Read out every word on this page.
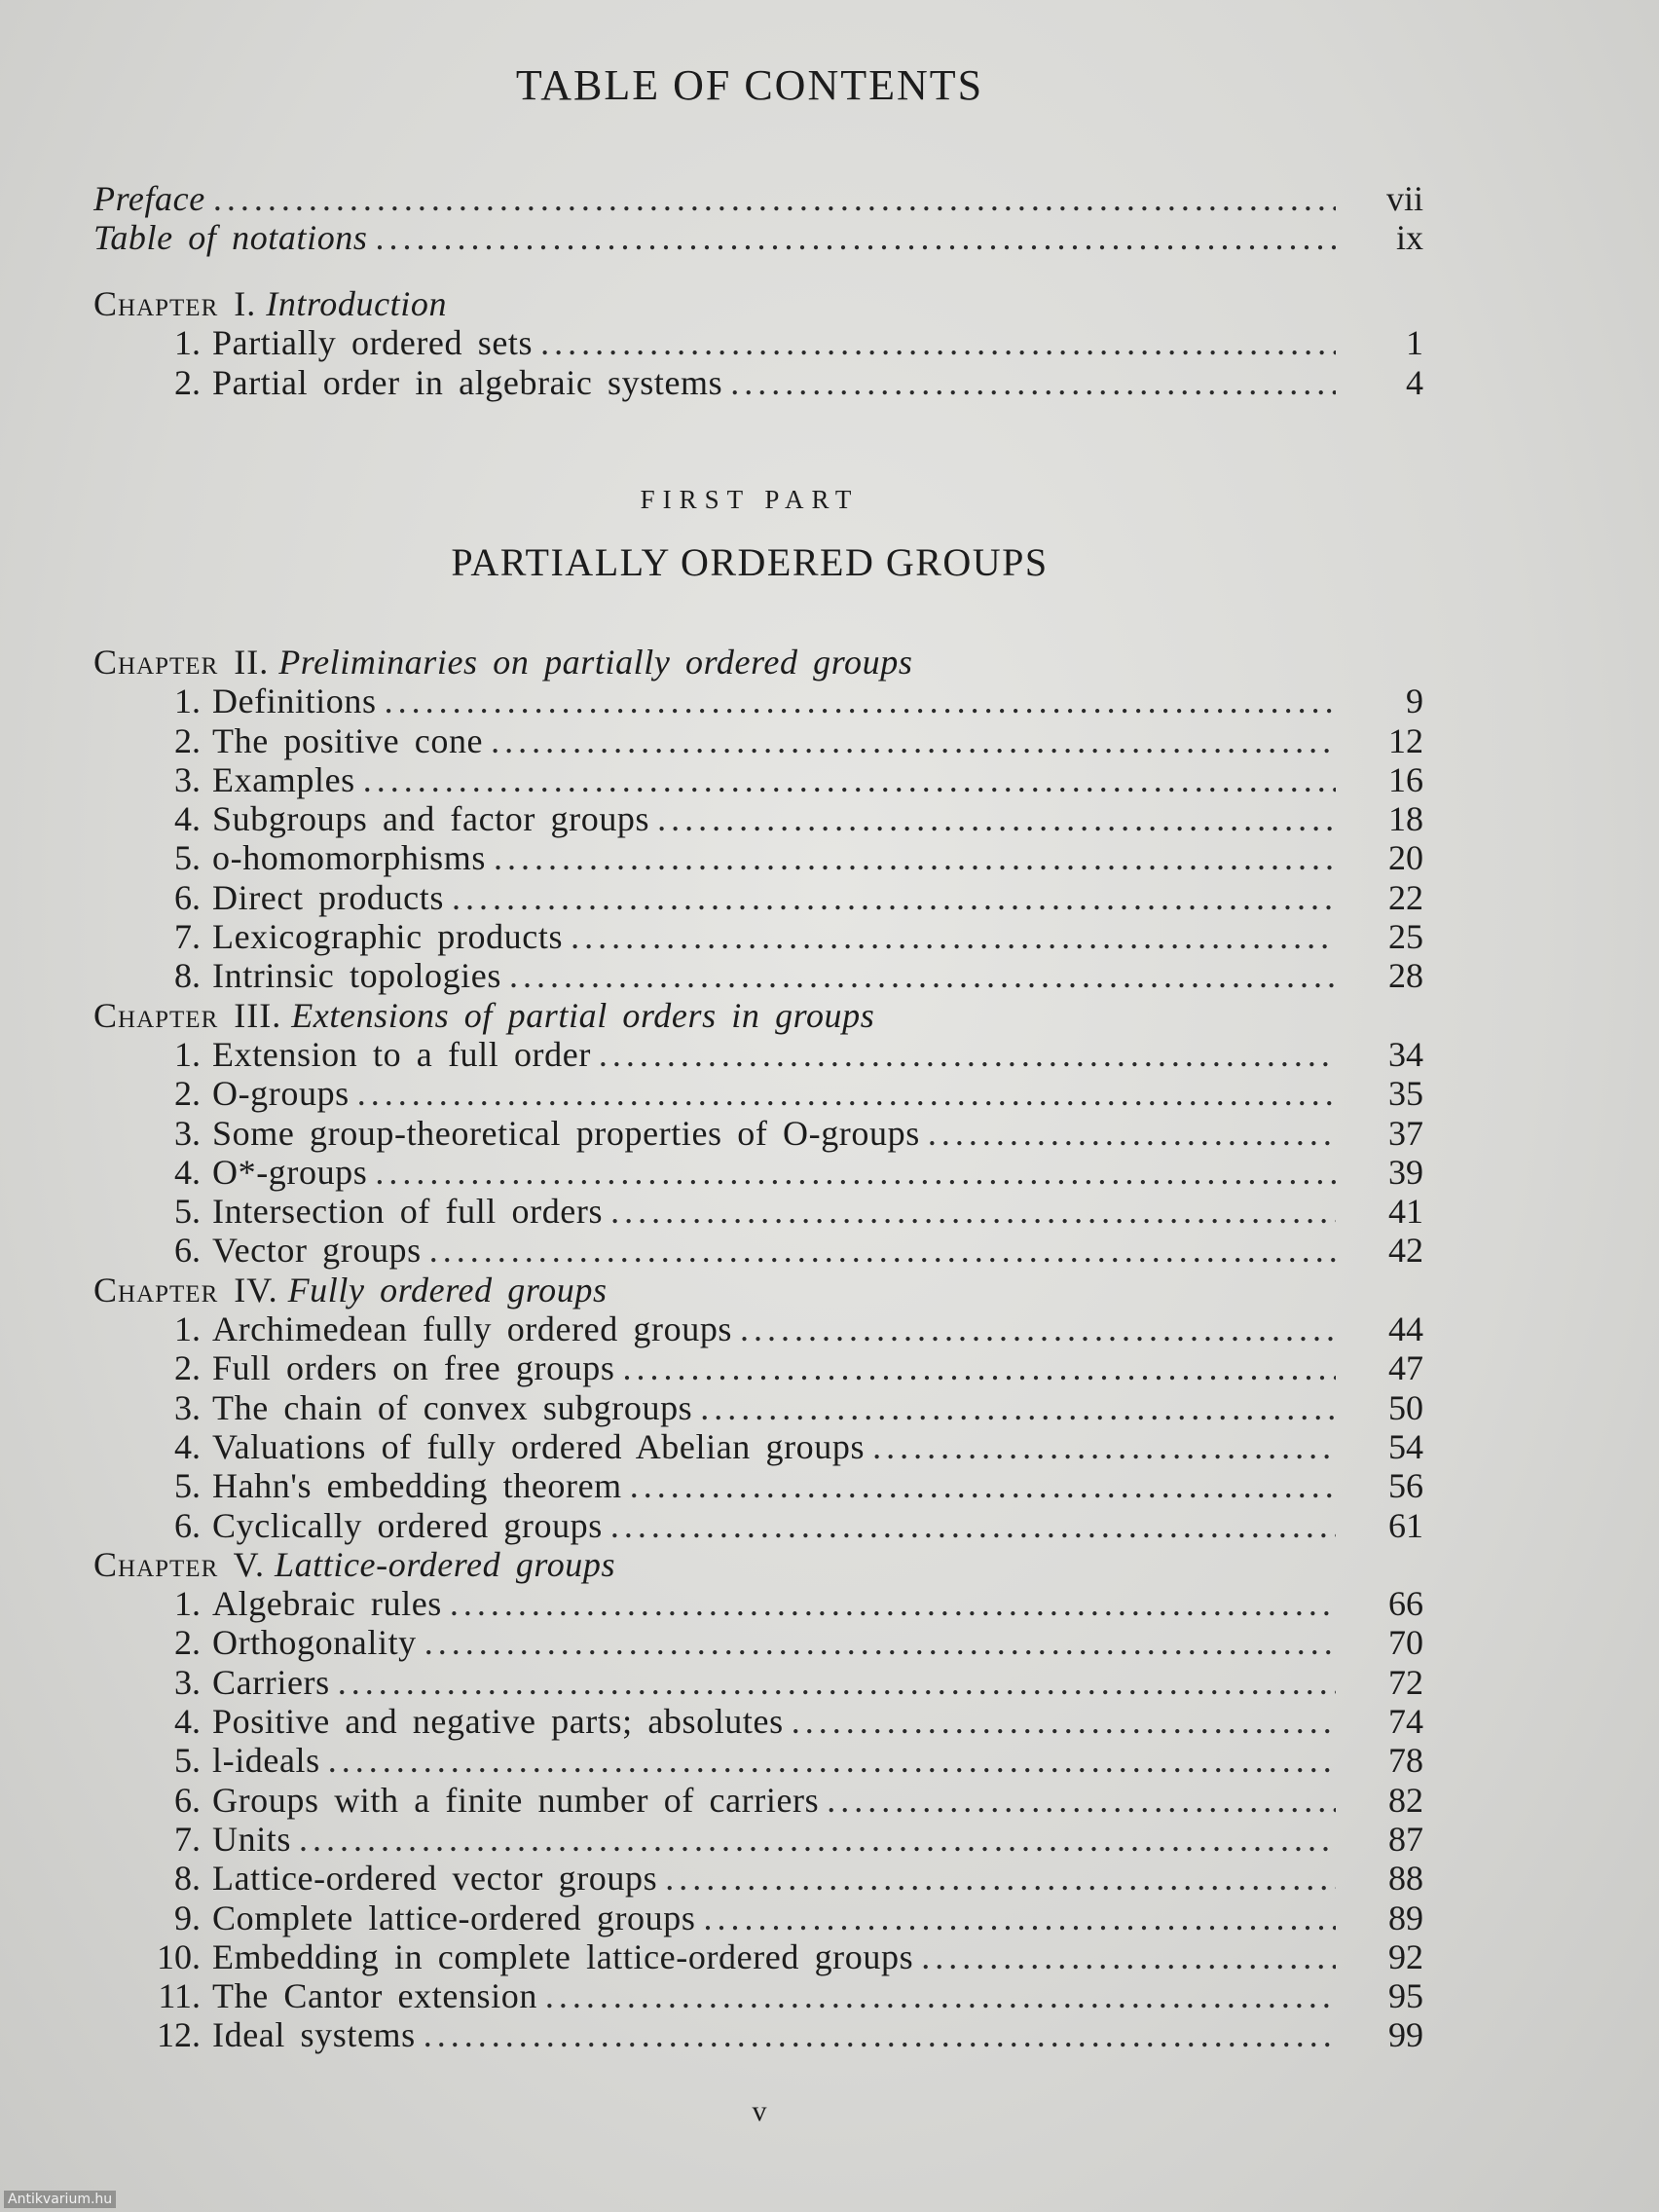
TABLE OF CONTENTS
Preface . . .	vii
Table of notations . . .	ix
Chapter I. Introduction
1. Partially ordered sets . . .	1
2. Partial order in algebraic systems . . .	4
FIRST PART
PARTIALLY ORDERED GROUPS
Chapter II. Preliminaries on partially ordered groups
1. Definitions . . .	9
2. The positive cone . . .	12
3. Examples . . .	16
4. Subgroups and factor groups . . .	18
5. o-homomorphisms . . .	20
6. Direct products . . .	22
7. Lexicographic products . . .	25
8. Intrinsic topologies . . .	28
Chapter III. Extensions of partial orders in groups
1. Extension to a full order . . .	34
2. O-groups . . .	35
3. Some group-theoretical properties of O-groups . . .	37
4. O*-groups . . .	39
5. Intersection of full orders . . .	41
6. Vector groups . . .	42
Chapter IV. Fully ordered groups
1. Archimedean fully ordered groups . . .	44
2. Full orders on free groups . . .	47
3. The chain of convex subgroups . . .	50
4. Valuations of fully ordered Abelian groups . . .	54
5. Hahn's embedding theorem . . .	56
6. Cyclically ordered groups . . .	61
Chapter V. Lattice-ordered groups
1. Algebraic rules . . .	66
2. Orthogonality . . .	70
3. Carriers . . .	72
4. Positive and negative parts; absolutes . . .	74
5. l-ideals . . .	78
6. Groups with a finite number of carriers . . .	82
7. Units . . .	87
8. Lattice-ordered vector groups . . .	88
9. Complete lattice-ordered groups . . .	89
10. Embedding in complete lattice-ordered groups . . .	92
11. The Cantor extension . . .	95
12. Ideal systems . . .	99
v
Antikvarium.hu
